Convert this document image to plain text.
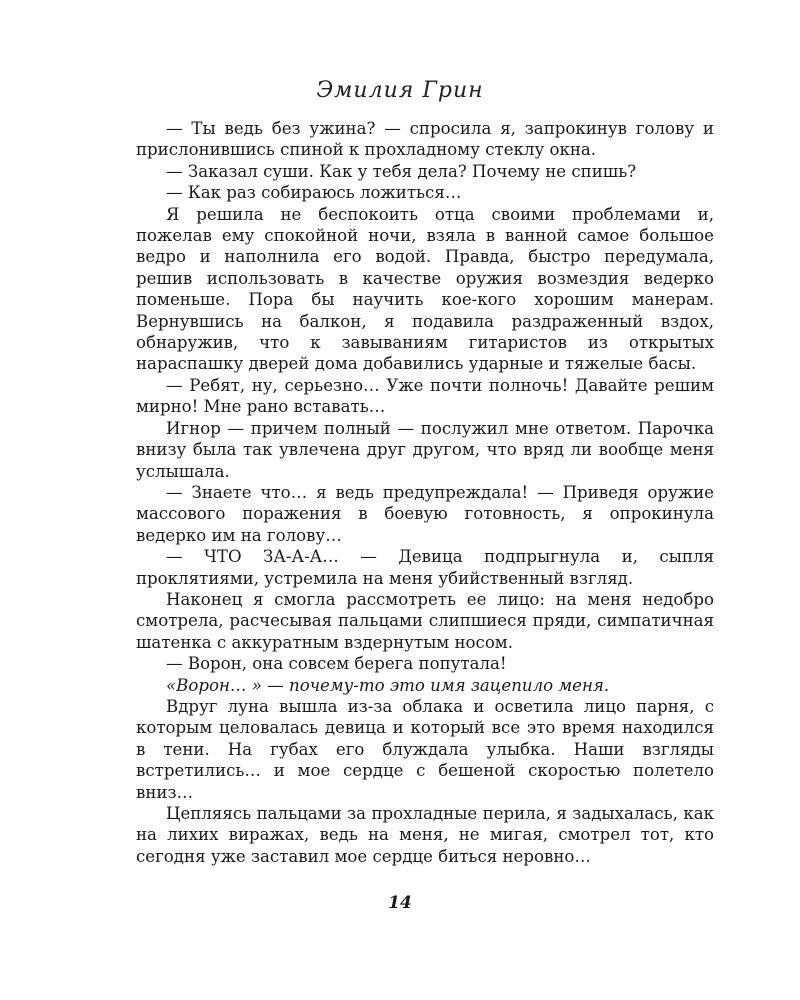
Эмилия Грин

— Ты ведь без ужина? — спросила я, запрокинув голову и прислонившись спиной к прохладному стеклу окна.

— Заказал суши. Как у тебя дела? Почему не спишь?

— Как раз собираюсь ложиться…

Я решила не беспокоить отца своими проблемами и, пожелав ему спокойной ночи, взяла в ванной самое большое ведро и наполнила его водой. Правда, быстро передумала, решив использовать в качестве оружия возмездия ведерко поменьше. Пора бы научить кое-кого хорошим манерам. Вернувшись на балкон, я подавила раздраженный вздох, обнаружив, что к завываниям гитаристов из открытых нараспашку дверей дома добавились ударные и тяжелые басы.

— Ребят, ну, серьезно… Уже почти полночь! Давайте решим мирно! Мне рано вставать…

Игнор — причем полный — послужил мне ответом. Парочка внизу была так увлечена друг другом, что вряд ли вообще меня услышала.

— Знаете что… я ведь предупреждала! — Приведя оружие массового поражения в боевую готовность, я опрокинула ведерко им на голову…

— ЧТО ЗА-А-А… — Девица подпрыгнула и, сыпля проклятиями, устремила на меня убийственный взгляд.

Наконец я смогла рассмотреть ее лицо: на меня недобро смотрела, расчесывая пальцами слипшиеся пряди, симпатичная шатенка с аккуратным вздернутым носом.

— Ворон, она совсем берега попутала!

«Ворон… » — почему-то это имя зацепило меня.

Вдруг луна вышла из-за облака и осветила лицо парня, с которым целовалась девица и который все это время находился в тени. На губах его блуждала улыбка. Наши взгляды встретились… и мое сердце с бешеной скоростью полетело вниз…

Цепляясь пальцами за прохладные перила, я задыхалась, как на лихих виражах, ведь на меня, не мигая, смотрел тот, кто сегодня уже заставил мое сердце биться неровно…

14
